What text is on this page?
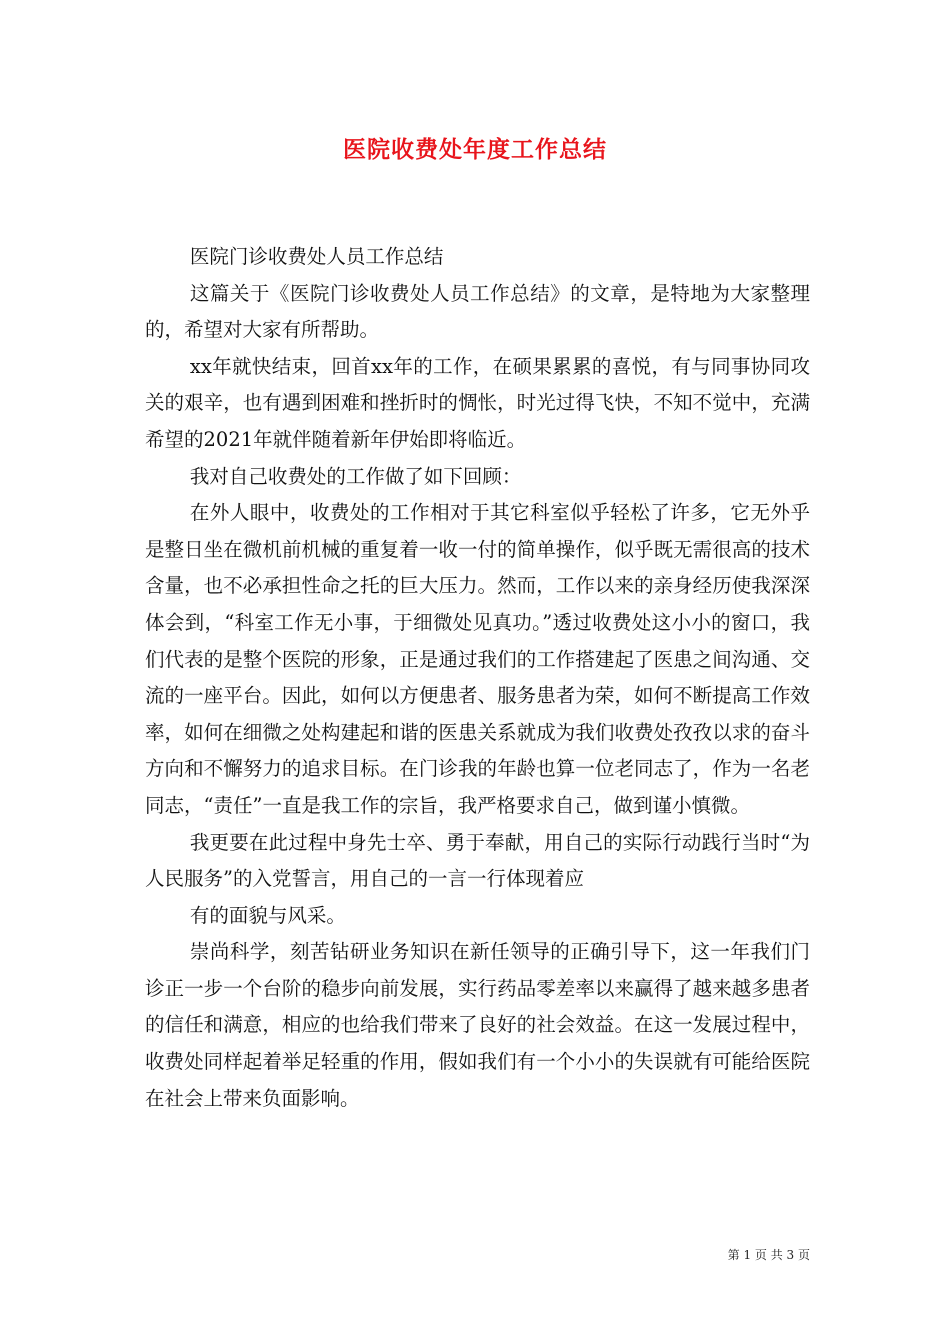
医院收费处年度工作总结

医院门诊收费处人员工作总结

这篇关于《医院门诊收费处人员工作总结》的文章，是特地为大家整理的，希望对大家有所帮助。

xx年就快结束，回首xx年的工作，在硕果累累的喜悦，有与同事协同攻关的艰辛，也有遇到困难和挫折时的惆怅，时光过得飞快，不知不觉中，充满希望的2021年就伴随着新年伊始即将临近。

我对自己收费处的工作做了如下回顾：

在外人眼中，收费处的工作相对于其它科室似乎轻松了许多，它无外乎是整日坐在微机前机械的重复着一收一付的简单操作，似乎既无需很高的技术含量，也不必承担性命之托的巨大压力。然而，工作以来的亲身经历使我深深体会到，“科室工作无小事，于细微处见真功。”透过收费处这小小的窗口，我们代表的是整个医院的形象，正是通过我们的工作搭建起了医患之间沟通、交流的一座平台。因此，如何以方便患者、服务患者为荣，如何不断提高工作效率，如何在细微之处构建起和谐的医患关系就成为我们收费处孜孜以求的奋斗方向和不懈努力的追求目标。在门诊我的年龄也算一位老同志了，作为一名老同志，“责任”一直是我工作的宗旨，我严格要求自己，做到谨小慎微。

我更要在此过程中身先士卒、勇于奉献，用自己的实际行动践行当时“为人民服务”的入党誓言，用自己的一言一行体现着应

有的面貌与风采。

崇尚科学，刻苦钻研业务知识在新任领导的正确引导下，这一年我们门诊正一步一个台阶的稳步向前发展，实行药品零差率以来赢得了越来越多患者的信任和满意，相应的也给我们带来了良好的社会效益。在这一发展过程中，收费处同样起着举足轻重的作用，假如我们有一个小小的失误就有可能给医院在社会上带来负面影响。

第 1 页 共 3 页
